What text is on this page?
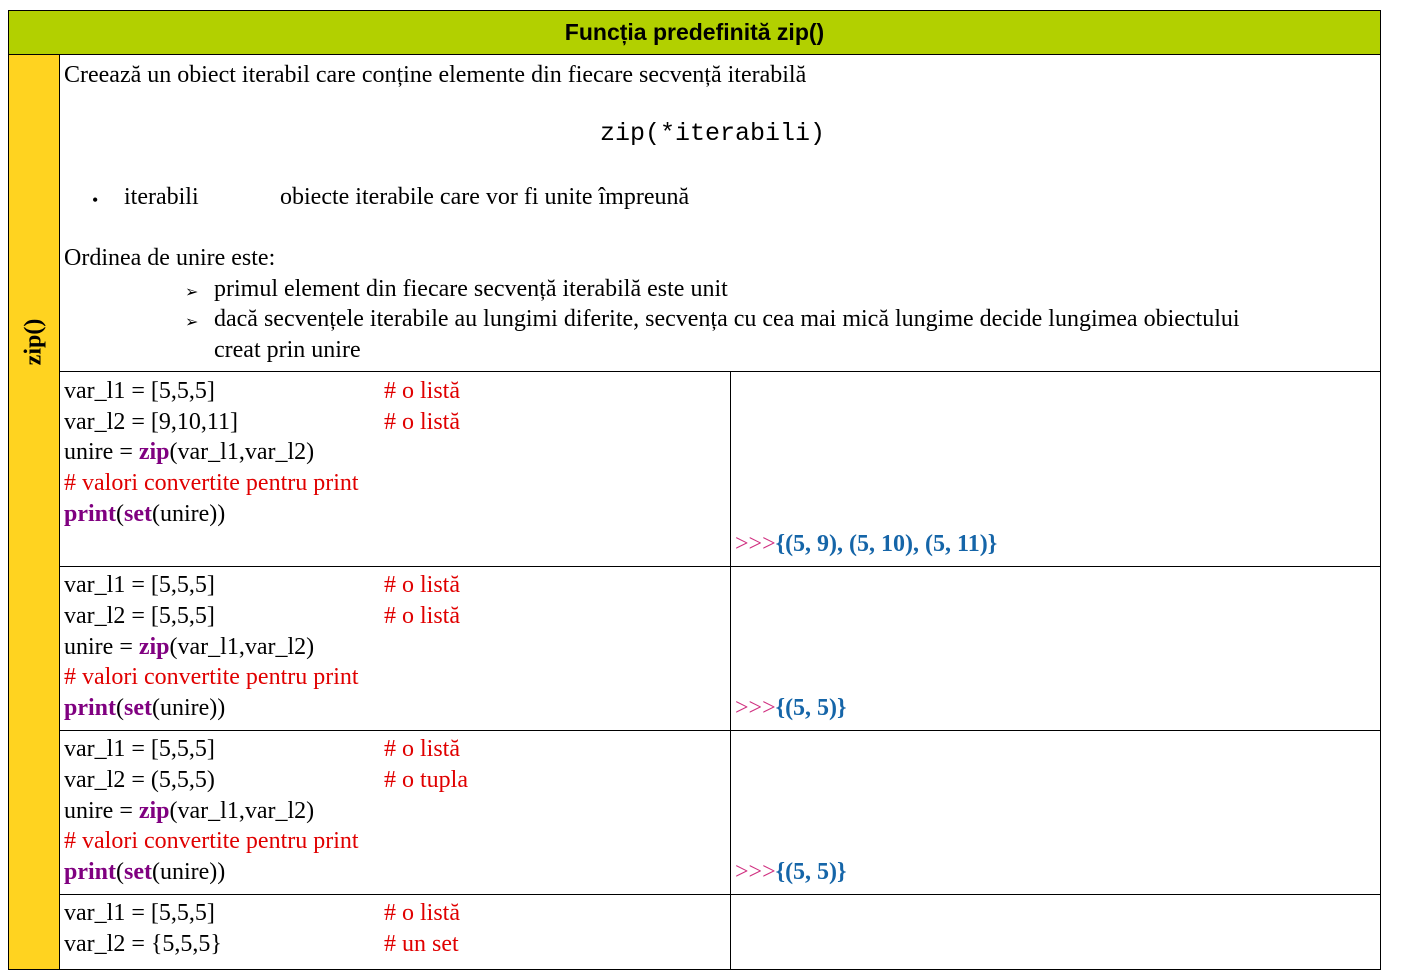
Funcția predefinită zip()
zip()
Creează un obiect iterabil care conține elemente din fiecare secvență iterabilă
zip(*iterabili)
• iterabili	obiecte iterabile care vor fi unite împreună
Ordinea de unire este:
➢ primul element din fiecare secvență iterabilă este unit
➢ dacă secvențele iterabile au lungimi diferite, secvența cu cea mai mică lungime decide lungimea obiectului
creat prin unire
var_l1 = [5,5,5]	# o listă
var_l2 = [9,10,11]	# o listă
unire = zip(var_l1,var_l2)
# valori convertite pentru print
print(set(unire))
>>>{(5, 9), (5, 10), (5, 11)}
var_l1 = [5,5,5]	# o listă
var_l2 = [5,5,5]	# o listă
unire = zip(var_l1,var_l2)
# valori convertite pentru print
print(set(unire))	>>>{(5, 5)}
var_l1 = [5,5,5]	# o listă
var_l2 = (5,5,5)	# o tupla
unire = zip(var_l1,var_l2)
# valori convertite pentru print
print(set(unire))	>>>{(5, 5)}
var_l1 = [5,5,5]	# o listă
var_l2 = {5,5,5}	# un set
